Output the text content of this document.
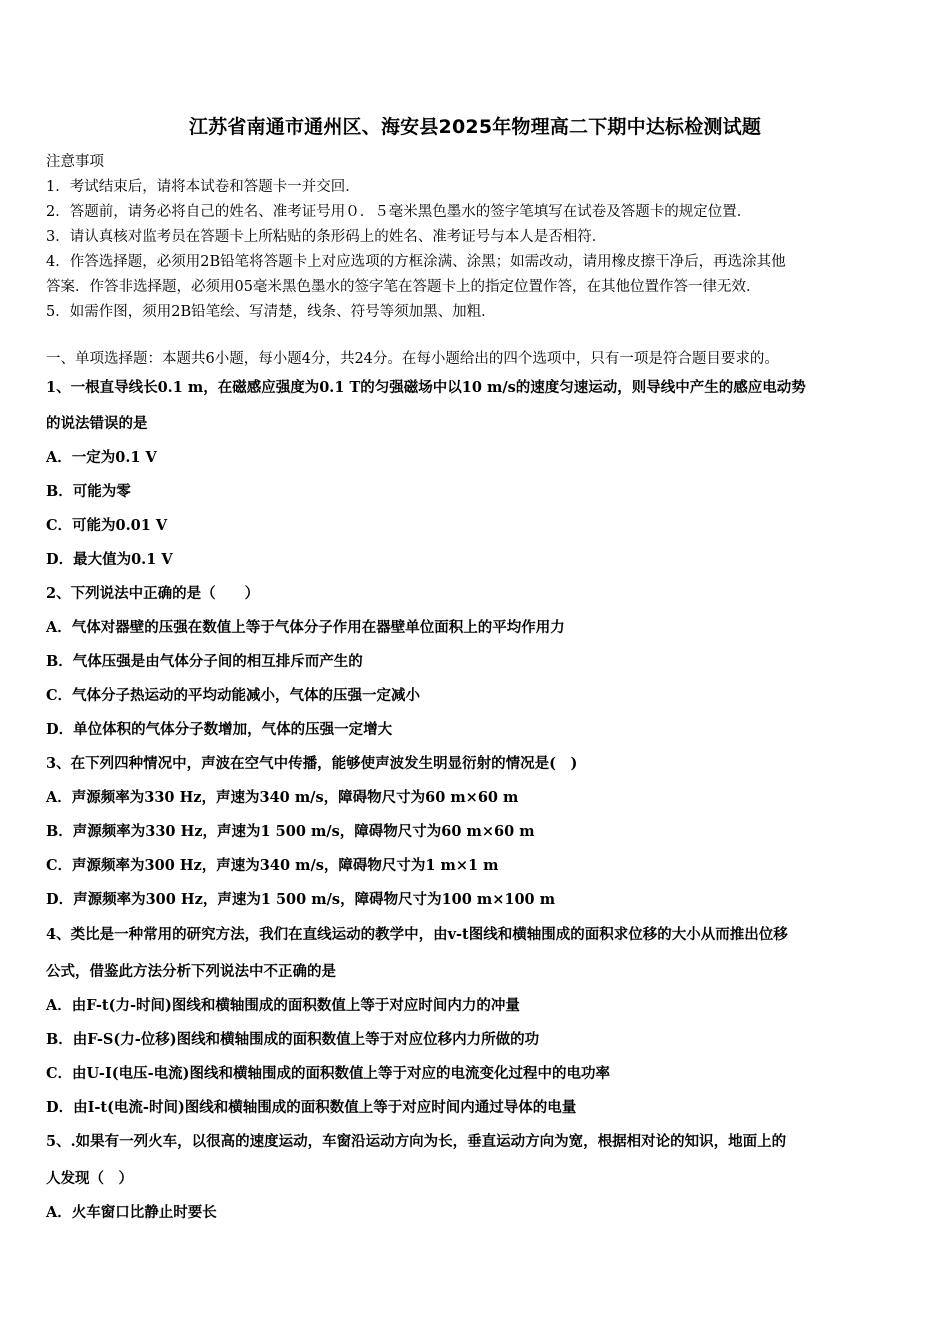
江苏省南通市通州区、海安县2025年物理高二下期中达标检测试题
注意事项
1．考试结束后，请将本试卷和答题卡一并交回．
2．答题前，请务必将自己的姓名、准考证号用０．５毫米黑色墨水的签字笔填写在试卷及答题卡的规定位置．
3．请认真核对监考员在答题卡上所粘贴的条形码上的姓名、准考证号与本人是否相符．
4．作答选择题，必须用2B铅笔将答题卡上对应选项的方框涂满、涂黑；如需改动，请用橡皮擦干净后，再选涂其他
答案．作答非选择题，必须用05毫米黑色墨水的签字笔在答题卡上的指定位置作答，在其他位置作答一律无效．
5．如需作图，须用2B铅笔绘、写清楚，线条、符号等须加黑、加粗．
一、单项选择题：本题共6小题，每小题4分，共24分。在每小题给出的四个选项中，只有一项是符合题目要求的。
1、一根直导线长0.1 m，在磁感应强度为0.1 T的匀强磁场中以10 m/s的速度匀速运动，则导线中产生的感应电动势
的说法错误的是
A．一定为0.1 V
B．可能为零
C．可能为0.01 V
D．最大值为0.1 V
2、下列说法中正确的是（　　）
A．气体对器壁的压强在数值上等于气体分子作用在器壁单位面积上的平均作用力
B．气体压强是由气体分子间的相互排斥而产生的
C．气体分子热运动的平均动能减小，气体的压强一定减小
D．单位体积的气体分子数增加，气体的压强一定增大
3、在下列四种情况中，声波在空气中传播，能够使声波发生明显衍射的情况是(　)
A．声源频率为330 Hz，声速为340 m/s，障碍物尺寸为60 m×60 m
B．声源频率为330 Hz，声速为1 500 m/s，障碍物尺寸为60 m×60 m
C．声源频率为300 Hz，声速为340 m/s，障碍物尺寸为1 m×1 m
D．声源频率为300 Hz，声速为1 500 m/s，障碍物尺寸为100 m×100 m
4、类比是一种常用的研究方法，我们在直线运动的教学中，由v-t图线和横轴围成的面积求位移的大小从而推出位移
公式，借鉴此方法分析下列说法中不正确的是
A．由F-t(力-时间)图线和横轴围成的面积数值上等于对应时间内力的冲量
B．由F-S(力-位移)图线和横轴围成的面积数值上等于对应位移内力所做的功
C．由U-I(电压-电流)图线和横轴围成的面积数值上等于对应的电流变化过程中的电功率
D．由I-t(电流-时间)图线和横轴围成的面积数值上等于对应时间内通过导体的电量
5、.如果有一列火车，以很高的速度运动，车窗沿运动方向为长，垂直运动方向为宽，根据相对论的知识，地面上的
人发现（　）
A．火车窗口比静止时要长
